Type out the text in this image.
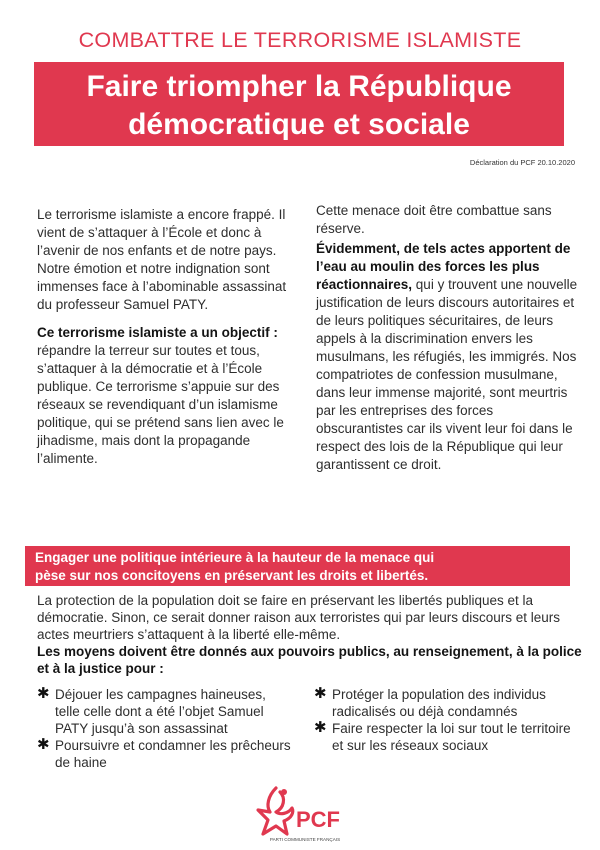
COMBATTRE LE TERRORISME ISLAMISTE
Faire triompher la République
démocratique et sociale
Déclaration du PCF 20.10.2020

Le terrorisme islamiste a encore frappé. Il vient de s’attaquer à l’École et donc à l’avenir de nos enfants et de notre pays. Notre émotion et notre indignation sont immenses face à l’abominable assassinat du professeur Samuel PATY.

Ce terrorisme islamiste a un objectif : répandre la terreur sur toutes et tous, s’attaquer à la démocratie et à l’École publique. Ce terrorisme s’appuie sur des réseaux se revendiquant d’un islamisme politique, qui se prétend sans lien avec le jihadisme, mais dont la propagande l’alimente.

Cette menace doit être combattue sans réserve.

Évidemment, de tels actes apportent de l’eau au moulin des forces les plus réactionnaires, qui y trouvent une nouvelle justification de leurs discours autoritaires et de leurs politiques sécuritaires, de leurs appels à la discrimination envers les musulmans, les réfugiés, les immigrés. Nos compatriotes de confession musulmane, dans leur immense majorité, sont meurtris par les entreprises des forces obscurantistes car ils vivent leur foi dans le respect des lois de la République qui leur garantissent ce droit.

Engager une politique intérieure à la hauteur de la menace qui
pèse sur nos concitoyens en préservant les droits et libertés.

La protection de la population doit se faire en préservant les libertés publiques et la démocratie. Sinon, ce serait donner raison aux terroristes qui par leurs discours et leurs actes meurtriers s’attaquent à la liberté elle-même.

Les moyens doivent être donnés aux pouvoirs publics, au renseignement, à la police et à la justice pour :

✱ Déjouer les campagnes haineuses, telle celle dont a été l’objet Samuel PATY jusqu’à son assassinat
✱ Poursuivre et condamner les prêcheurs de haine
✱ Protéger la population des individus radicalisés ou déjà condamnés
✱ Faire respecter la loi sur tout le territoire et sur les réseaux sociaux
PCF
PARTI COMMUNISTE FRANÇAIS
